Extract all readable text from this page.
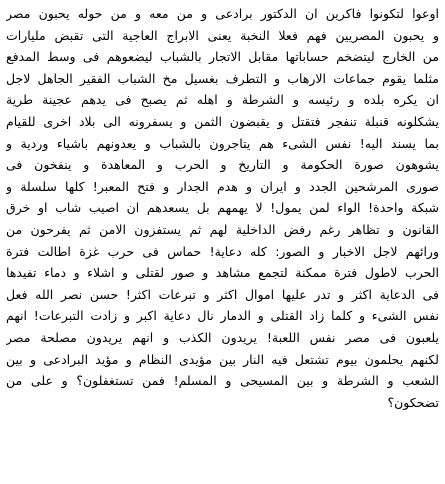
اوعوا لتكونوا فاكرين ان الدكتور برادعى و من معه و من حوله يحبون مصر
و يحبون المصريين فهم فعلا النخبة يعنى الابراج العاجية التى تقبض مليارات
من الخارج ليتضخم حساباتها مقابل الاتجار بالشباب ليضعوهم فى وسط المدفع
مثلما يقوم جماعات الارهاب و التطرف بغسيل مخ الشباب الفقير الجاهل لاجل
ان يكره بلده و رئيسه و الشرطة و اهله ثم يصبح فى يدهم عجينة طرية
يشكلونه قنبلة تنفجر فتقتل و يقبضون الثمن و يسفرونه الى بلاد اخرى للقيام
بما يسند اليه! نفس الشىء هم يتاجرون بالشباب و يعدونهم باشياء وردية و
يشوهون صورة الحكومة و التاريخ و الحرب و المعاهدة و ينفخون فى
صورى المرشحين الجدد و ايران و هدم الجدار و فتح المعبر! كلها سلسلة و
شبكة واحدة! الواء لمن يمول! لا يهمهم بل يسعدهم ان اصيب شاب او خرق
القانون و تظاهر رغم رفض الداخلية لهم ثم يستفزون الامن ثم يفرحون من
ورائهم لاجل الاخبار و الصور: كله دعاية! حماس فى حرب غزة اطالت فترة
الحرب لاطول فترة ممكنة لتجمع مشاهد و صور لقتلى و اشلاء و دماء تفيدها
فى الدعاية اكثر و تدر عليها اموال اكثر و تبرعات اكثر! حسن نصر الله فعل
نفس الشىء و كلما زاد القتلى و الدمار نال دعاية اكبر و زادت التبرعات! انهم
يلعبون فى مصر نفس اللعبة! يريدون الكذب و انهم يريدون مصلحة مصر
لكنهم يحلمون بيوم تشتعل فيه النار بين مؤيدى النظام و مؤيد البرادعى و بين
الشعب و الشرطة و بين المسيحى و المسلم! فمن تستغفلون؟ و على من
تضحكون؟
